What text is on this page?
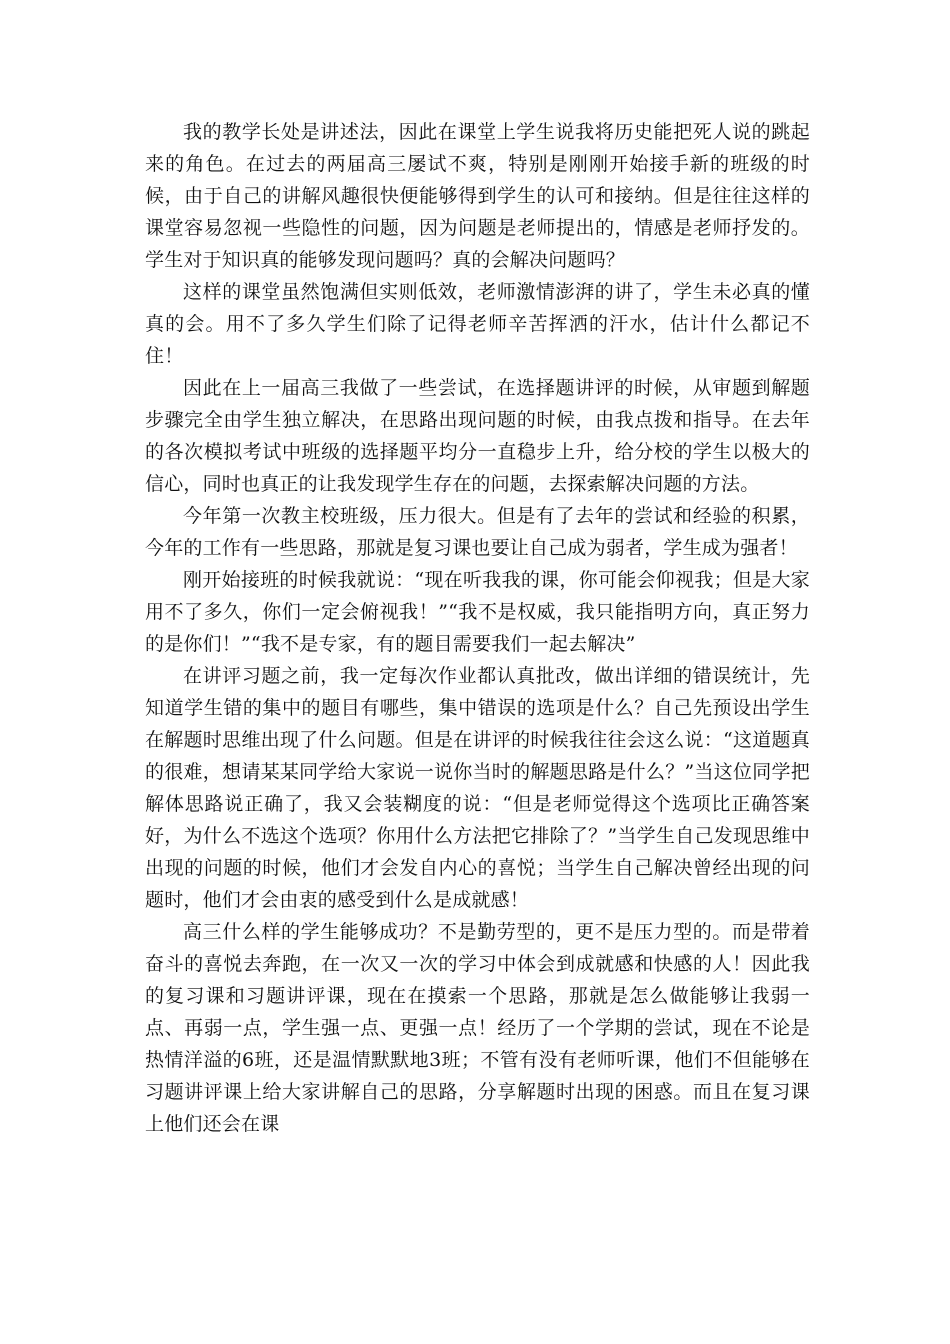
我的教学长处是讲述法，因此在课堂上学生说我将历史能把死人说的跳起来的角色。在过去的两届高三屡试不爽，特别是刚刚开始接手新的班级的时候，由于自己的讲解风趣很快便能够得到学生的认可和接纳。但是往往这样的课堂容易忽视一些隐性的问题，因为问题是老师提出的，情感是老师抒发的。学生对于知识真的能够发现问题吗？真的会解决问题吗？

这样的课堂虽然饱满但实则低效，老师激情澎湃的讲了，学生未必真的懂真的会。用不了多久学生们除了记得老师辛苦挥洒的汗水，估计什么都记不住！

因此在上一届高三我做了一些尝试，在选择题讲评的时候，从审题到解题步骤完全由学生独立解决，在思路出现问题的时候，由我点拨和指导。在去年的各次模拟考试中班级的选择题平均分一直稳步上升，给分校的学生以极大的信心，同时也真正的让我发现学生存在的问题，去探索解决问题的方法。

今年第一次教主校班级，压力很大。但是有了去年的尝试和经验的积累，今年的工作有一些思路，那就是复习课也要让自己成为弱者，学生成为强者！

刚开始接班的时候我就说：“现在听我我的课，你可能会仰视我；但是大家用不了多久，你们一定会俯视我！”“我不是权威，我只能指明方向，真正努力的是你们！”“我不是专家，有的题目需要我们一起去解决”

在讲评习题之前，我一定每次作业都认真批改，做出详细的错误统计，先知道学生错的集中的题目有哪些，集中错误的选项是什么？自己先预设出学生在解题时思维出现了什么问题。但是在讲评的时候我往往会这么说：“这道题真的很难，想请某某同学给大家说一说你当时的解题思路是什么？”当这位同学把解体思路说正确了，我又会装糊度的说：“但是老师觉得这个选项比正确答案好，为什么不选这个选项？你用什么方法把它排除了？”当学生自己发现思维中出现的问题的时候，他们才会发自内心的喜悦；当学生自己解决曾经出现的问题时，他们才会由衷的感受到什么是成就感！

高三什么样的学生能够成功？不是勤劳型的，更不是压力型的。而是带着奋斗的喜悦去奔跑，在一次又一次的学习中体会到成就感和快感的人！因此我的复习课和习题讲评课，现在在摸索一个思路，那就是怎么做能够让我弱一点、再弱一点，学生强一点、更强一点！经历了一个学期的尝试，现在不论是热情洋溢的6班，还是温情默默地3班；不管有没有老师听课，他们不但能够在习题讲评课上给大家讲解自己的思路，分享解题时出现的困惑。而且在复习课上他们还会在课
